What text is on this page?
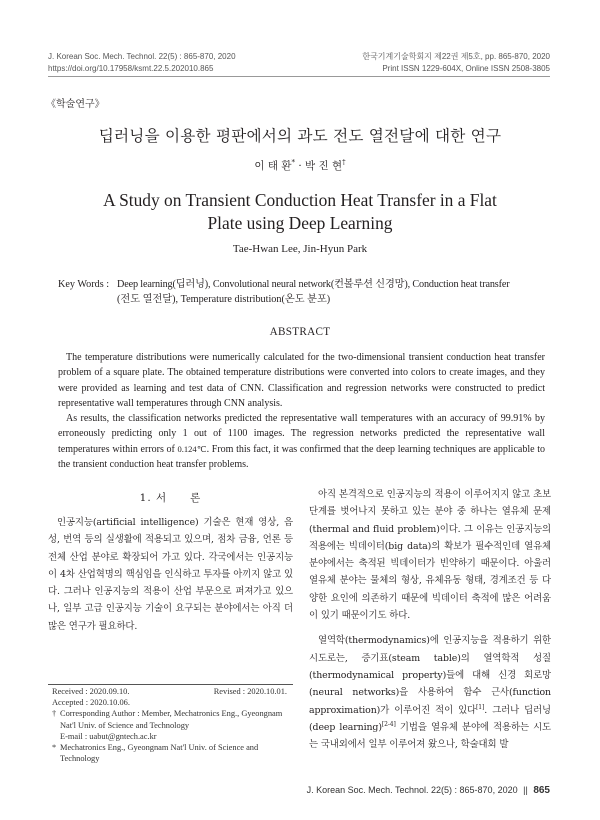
J. Korean Soc. Mech. Technol. 22(5) : 865-870, 2020
https://doi.org/10.17958/ksmt.22.5.202010.865
한국기계기술학회지 제22권 제5호, pp. 865-870, 2020
Print ISSN 1229-604X, Online ISSN 2508-3805
《학술연구》
딥러닝을 이용한 평판에서의 과도 전도 열전달에 대한 연구
이 태 환* · 박 진 현†
A Study on Transient Conduction Heat Transfer in a Flat
Plate using Deep Learning
Tae-Hwan Lee, Jin-Hyun Park
Key Words : Deep learning(딥러닝), Convolutional neural network(컨볼루션 신경망), Conduction heat transfer
(전도 열전달), Temperature distribution(온도 분포)
ABSTRACT

The temperature distributions were numerically calculated for the two-dimensional transient conduction heat transfer problem of a square plate. The obtained temperature distributions were converted into colors to create images, and they were provided as learning and test data of CNN. Classification and regression networks were constructed to predict representative wall temperatures through CNN analysis.

As results, the classification networks predicted the representative wall temperatures with an accuracy of 99.91% by erroneously predicting only 1 out of 1100 images. The regression networks predicted the representative wall temperatures within errors of 0.124℃. From this fact, it was confirmed that the deep learning techniques are applicable to the transient conduction heat transfer problems.

1. 서　　론
인공지능(artificial intelligence) 기술은 현재 영상, 음성, 번역 등의 실생활에 적용되고 있으며, 점차 금융, 언론 등 전체 산업 분야로 확장되어 가고 있다. 각국에서는 인공지능이 4차 산업혁명의 핵심임을 인식하고 투자를 아끼지 않고 있다. 그러나 인공지능의 적용이 산업 부문으로 퍼져가고 있으나, 일부 고급 인공지능 기술이 요구되는 분야에서는 아직 더 많은 연구가 필요하다.
Received : 2020.09.10.	Revised : 2020.10.01.
Accepted : 2020.10.06.
† Corresponding Author : Member, Mechatronics Eng., Gyeongnam Nat'l Univ. of Science and Technology
E-mail : uabut@gntech.ac.kr
* Mechatronics Eng., Gyeongnam Nat'l Univ. of Science and Technology

아직 본격적으로 인공지능의 적용이 이루어지지 않고 초보 단계를 벗어나지 못하고 있는 분야 중 하나는 열유체 문제(thermal and fluid problem)이다. 그 이유는 인공지능의 적용에는 빅데이터(big data)의 확보가 필수적인데 열유체 분야에서는 축적된 빅데이터가 빈약하기 때문이다. 아울러 열유체 분야는 물체의 형상, 유체유동 형태, 경계조건 등 다양한 요인에 의존하기 때문에 빅데이터 축적에 많은 어려움이 있기 때문이기도 하다.

열역학(thermodynamics)에 인공지능을 적용하기 위한 시도로는, 증기표(steam table)의 열역학적 성질(thermodynamical property)들에 대해 신경 회로망(neural networks)을 사용하여 함수 근사(function approximation)가 이루어진 적이 있다[1]. 그러나 딥러닝(deep learning)[2-4] 기법을 열유체 분야에 적용하는 시도는 국내외에서 일부 이루어져 왔으나, 학술대회 발

J. Korean Soc. Mech. Technol. 22(5) : 865-870, 2020 || 865
